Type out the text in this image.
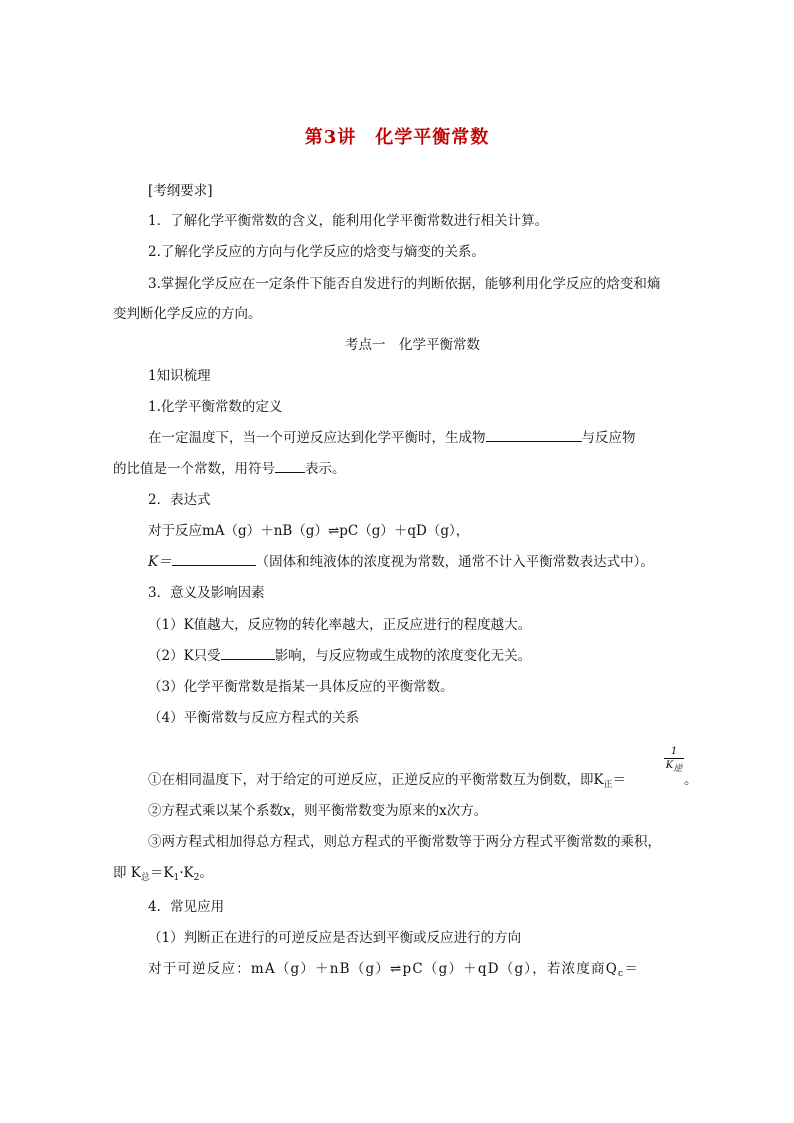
第3讲　化学平衡常数
[考纲要求]
1．了解化学平衡常数的含义，能利用化学平衡常数进行相关计算。
2.了解化学反应的方向与化学反应的焓变与熵变的关系。
3.掌握化学反应在一定条件下能否自发进行的判断依据，能够利用化学反应的焓变和熵
变判断化学反应的方向。
考点一　化学平衡常数
1知识梳理
1.化学平衡常数的定义
在一定温度下，当一个可逆反应达到化学平衡时，生成物	与反应物
的比值是一个常数，用符号 表示。
2．表达式
对于反应mA（g）＋nB（g）⇌pC（g）＋qD（g），
K＝	（固体和纯液体的浓度视为常数，通常不计入平衡常数表达式中）。
3．意义及影响因素
（1）K值越大，反应物的转化率越大，正反应进行的程度越大。
（2）K只受	影响，与反应物或生成物的浓度变化无关。
（3）化学平衡常数是指某一具体反应的平衡常数。
（4）平衡常数与反应方程式的关系
①在相同温度下，对于给定的可逆反应，正逆反应的平衡常数互为倒数，即$K_正=$
1
K逆
。
②方程式乘以某个系数x，则平衡常数变为原来的x次方。
③两方程式相加得总方程式，则总方程式的平衡常数等于两分方程式平衡常数的乘积，
即 $K_总=K_1\cdot K_2$。
4．常见应用
（1）判断正在进行的可逆反应是否达到平衡或反应进行的方向
对于可逆反应：mA（g）＋nB（g）⇌pC（g）＋qD（g），若浓度商$Q_c=$
